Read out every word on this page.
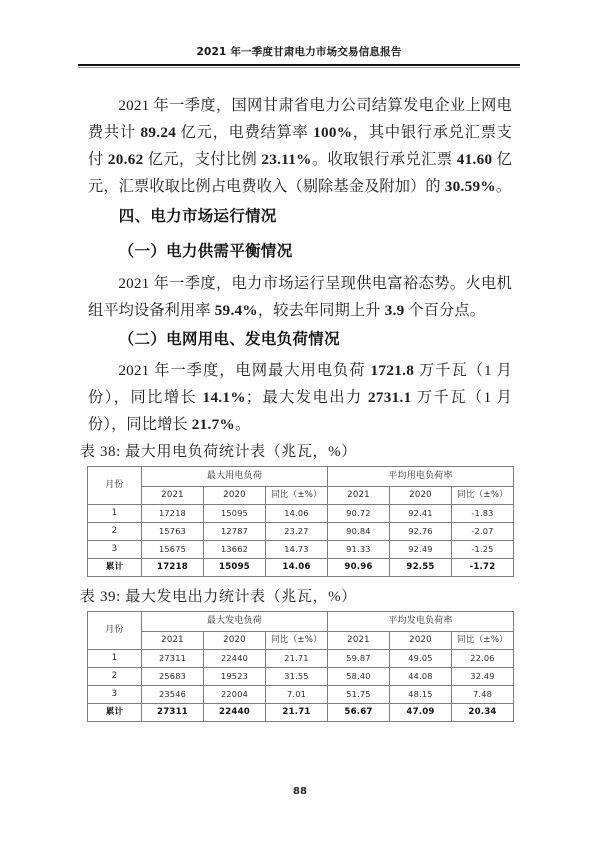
2021 年一季度甘肃电力市场交易信息报告

2021 年一季度，国网甘肃省电力公司结算发电企业上网电费共计 89.24 亿元，电费结算率 100%，其中银行承兑汇票支付 20.62 亿元，支付比例 23.11%。收取银行承兑汇票 41.60 亿元，汇票收取比例占电费收入（剔除基金及附加）的 30.59%。

四、电力市场运行情况
（一）电力供需平衡情况

2021 年一季度，电力市场运行呈现供电富裕态势。火电机组平均设备利用率 59.4%，较去年同期上升 3.9 个百分点。

（二）电网用电、发电负荷情况

2021 年一季度，电网最大用电负荷 1721.8 万千瓦（1 月份），同比增长 14.1%；最大发电出力 2731.1 万千瓦（1 月份），同比增长 21.7%。

表 38: 最大用电负荷统计表（兆瓦，%）

月份	最大用电负荷			平均用电负荷率		
	2021	2020	同比（±%）	2021	2020	同比（±%）
1	17218	15095	14.06	90.72	92.41	-1.83
2	15763	12787	23.27	90.84	92.76	-2.07
3	15675	13662	14.73	91.33	92.49	-1.25
累计	17218	15095	14.06	90.96	92.55	-1.72

表 39: 最大发电出力统计表（兆瓦，%）

月份	最大发电负荷			平均发电负荷率		
	2021	2020	同比（±%）	2021	2020	同比（±%）
1	27311	22440	21.71	59.87	49.05	22.06
2	25683	19523	31.55	58.40	44.08	32.49
3	23546	22004	7.01	51.75	48.15	7.48
累计	27311	22440	21.71	56.67	47.09	20.34
88
